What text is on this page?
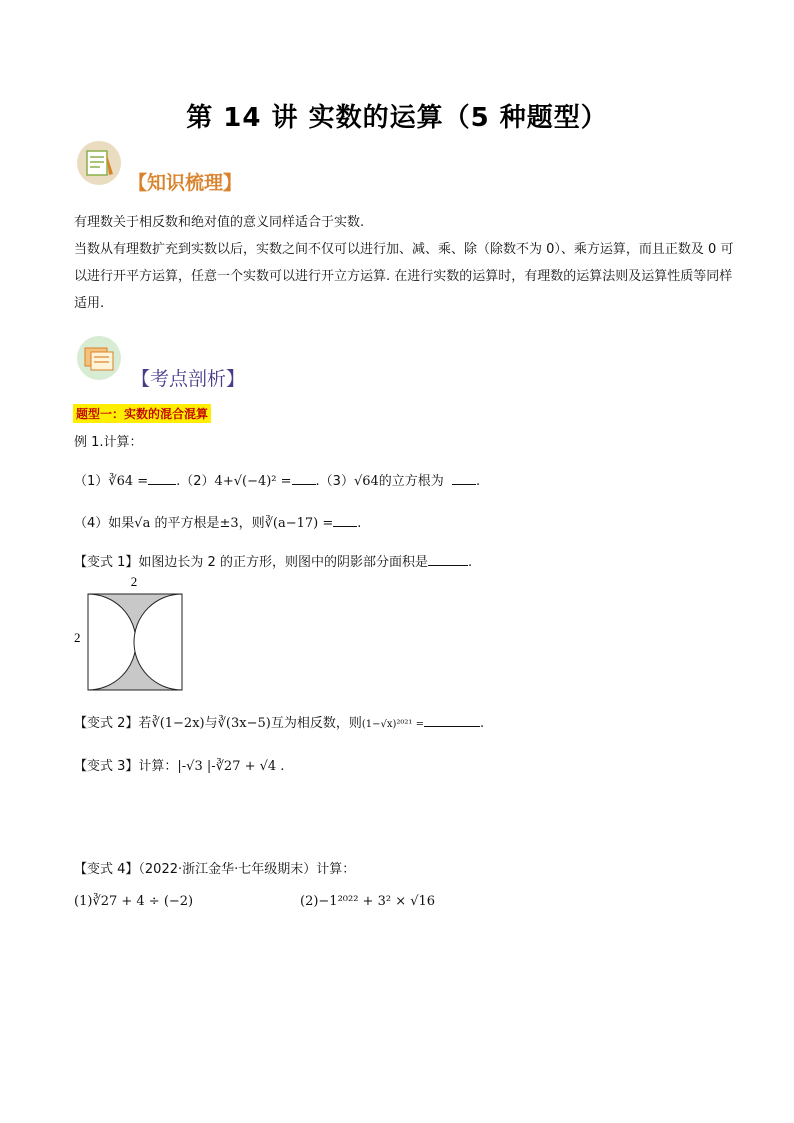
第 14 讲 实数的运算（5 种题型）
【知识梳理】
有理数关于相反数和绝对值的意义同样适合于实数.
当数从有理数扩充到实数以后，实数之间不仅可以进行加、减、乘、除（除数不为 0）、乘方运算，而且正数及 0 可以进行开平方运算，任意一个实数可以进行开立方运算. 在进行实数的运算时，有理数的运算法则及运算性质等同样适用.
【考点剖析】
题型一：实数的混合混算
例 1.计算：
（1）∛64 = .（2）4+√(−4)² = .（3）√64的立方根为 .
（4）如果√a 的平方根是±3，则∛(a−17) = .
【变式 1】如图边长为 2 的正方形，则图中的阴影部分面积是	.
2
2
【变式 2】若∛(1−2x)与∛(3x−5)互为相反数，则(1−√x)²⁰²¹ =	.
【变式 3】计算：|-√3 |-∛27 + √4 .
【变式 4】（2022·浙江金华·七年级期末）计算：
(1)∛27 + 4 ÷ (−2)	(2)−1²⁰²² + 3² × √16
